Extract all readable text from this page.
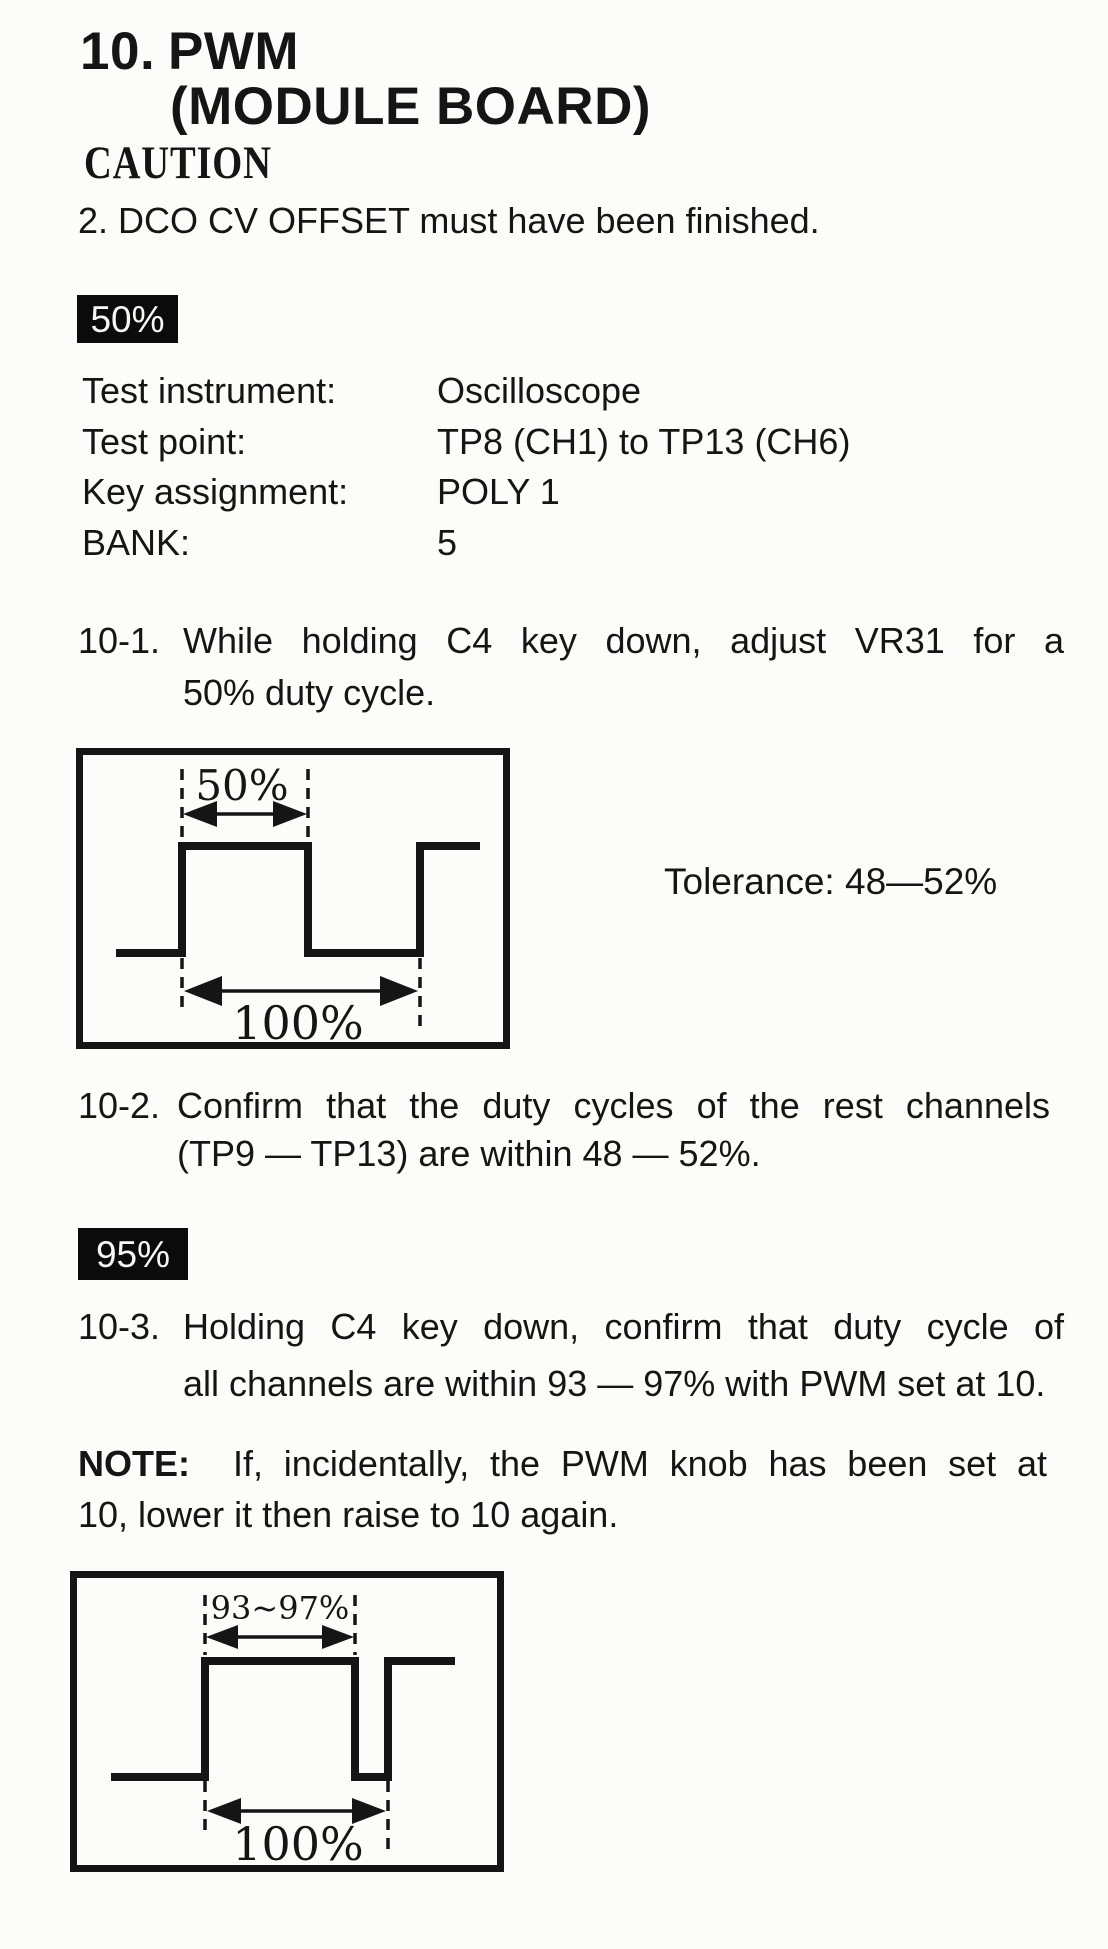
10. PWM
(MODULE BOARD)
CAUTION
2. DCO CV OFFSET must have been finished.
50%
Test instrument:	Oscilloscope
Test point:	TP8 (CH1) to TP13 (CH6)
Key assignment:	POLY 1
BANK:	5
10-1. While holding C4 key down, adjust VR31 for a
50% duty cycle.
50%
100%
Tolerance: 48—52%
10-2. Confirm that the duty cycles of the rest channels
(TP9 — TP13) are within 48 — 52%.
95%
10-3. Holding C4 key down, confirm that duty cycle of
all channels are within 93 — 97% with PWM set at 10.
NOTE: If, incidentally, the PWM knob has been set at
10, lower it then raise to 10 again.
93~97%
100%
